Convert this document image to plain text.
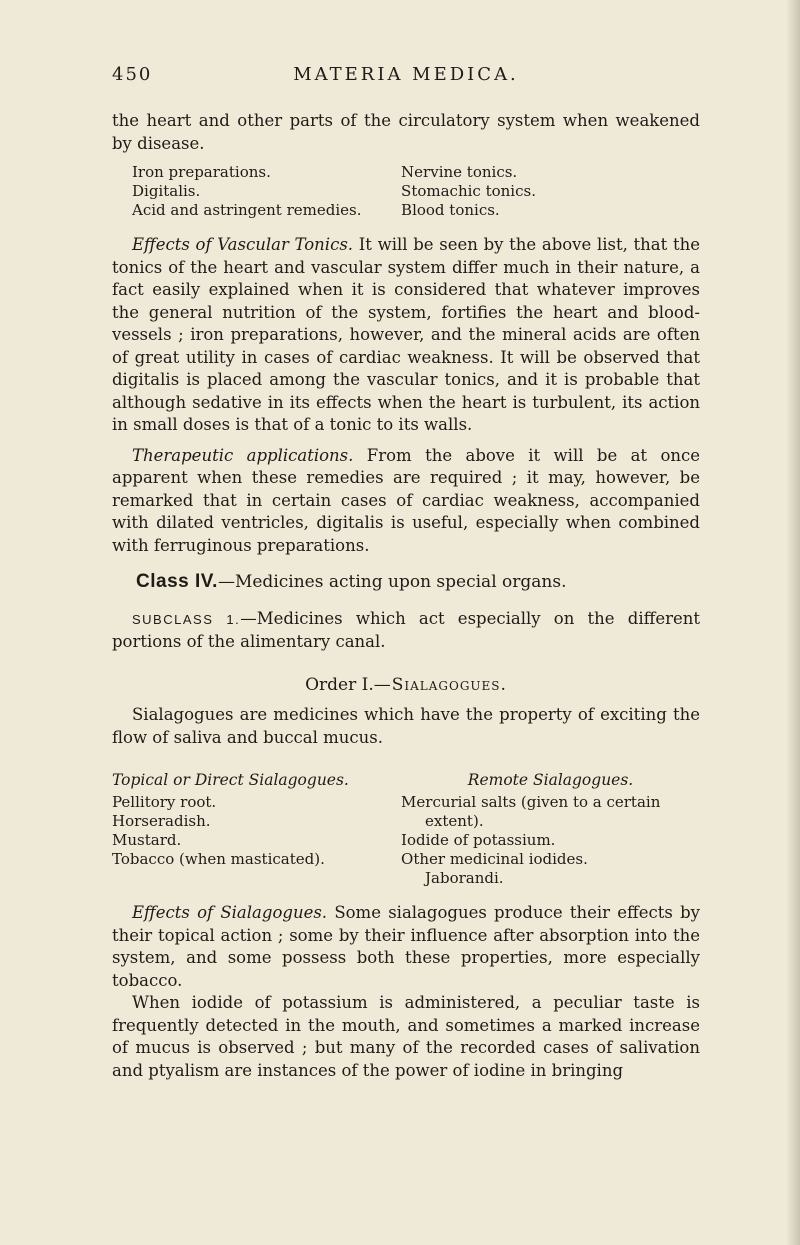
450	MATERIA MEDICA.

the heart and other parts of the circulatory system when weakened by disease.

Iron preparations.
Digitalis.
Acid and astringent remedies.
Nervine tonics.
Stomachic tonics.
Blood tonics.

Effects of Vascular Tonics. It will be seen by the above list, that the tonics of the heart and vascular system differ much in their nature, a fact easily explained when it is considered that whatever improves the general nutrition of the system, fortifies the heart and blood-vessels ; iron preparations, however, and the mineral acids are often of great utility in cases of cardiac weakness. It will be observed that digitalis is placed among the vascular tonics, and it is probable that although sedative in its effects when the heart is turbulent, its action in small doses is that of a tonic to its walls.

Therapeutic applications. From the above it will be at once apparent when these remedies are required ; it may, however, be remarked that in certain cases of cardiac weakness, accompanied with dilated ventricles, digitalis is useful, especially when combined with ferruginous preparations.

Class IV.—Medicines acting upon special organs.

SUBCLASS 1.—Medicines which act especially on the different portions of the alimentary canal.

Order I.—Sialagogues.

Sialagogues are medicines which have the property of exciting the flow of saliva and buccal mucus.

Topical or Direct Sialagogues.
Pellitory root.
Horseradish.
Mustard.
Tobacco (when masticated).
Remote Sialagogues.
Mercurial salts (given to a certain
extent).
Iodide of potassium.
Other medicinal iodides.
Jaborandi.

Effects of Sialagogues. Some sialagogues produce their effects by their topical action ; some by their influence after absorption into the system, and some possess both these properties, more especially tobacco.

When iodide of potassium is administered, a peculiar taste is frequently detected in the mouth, and sometimes a marked increase of mucus is observed ; but many of the recorded cases of salivation and ptyalism are instances of the power of iodine in bringing
